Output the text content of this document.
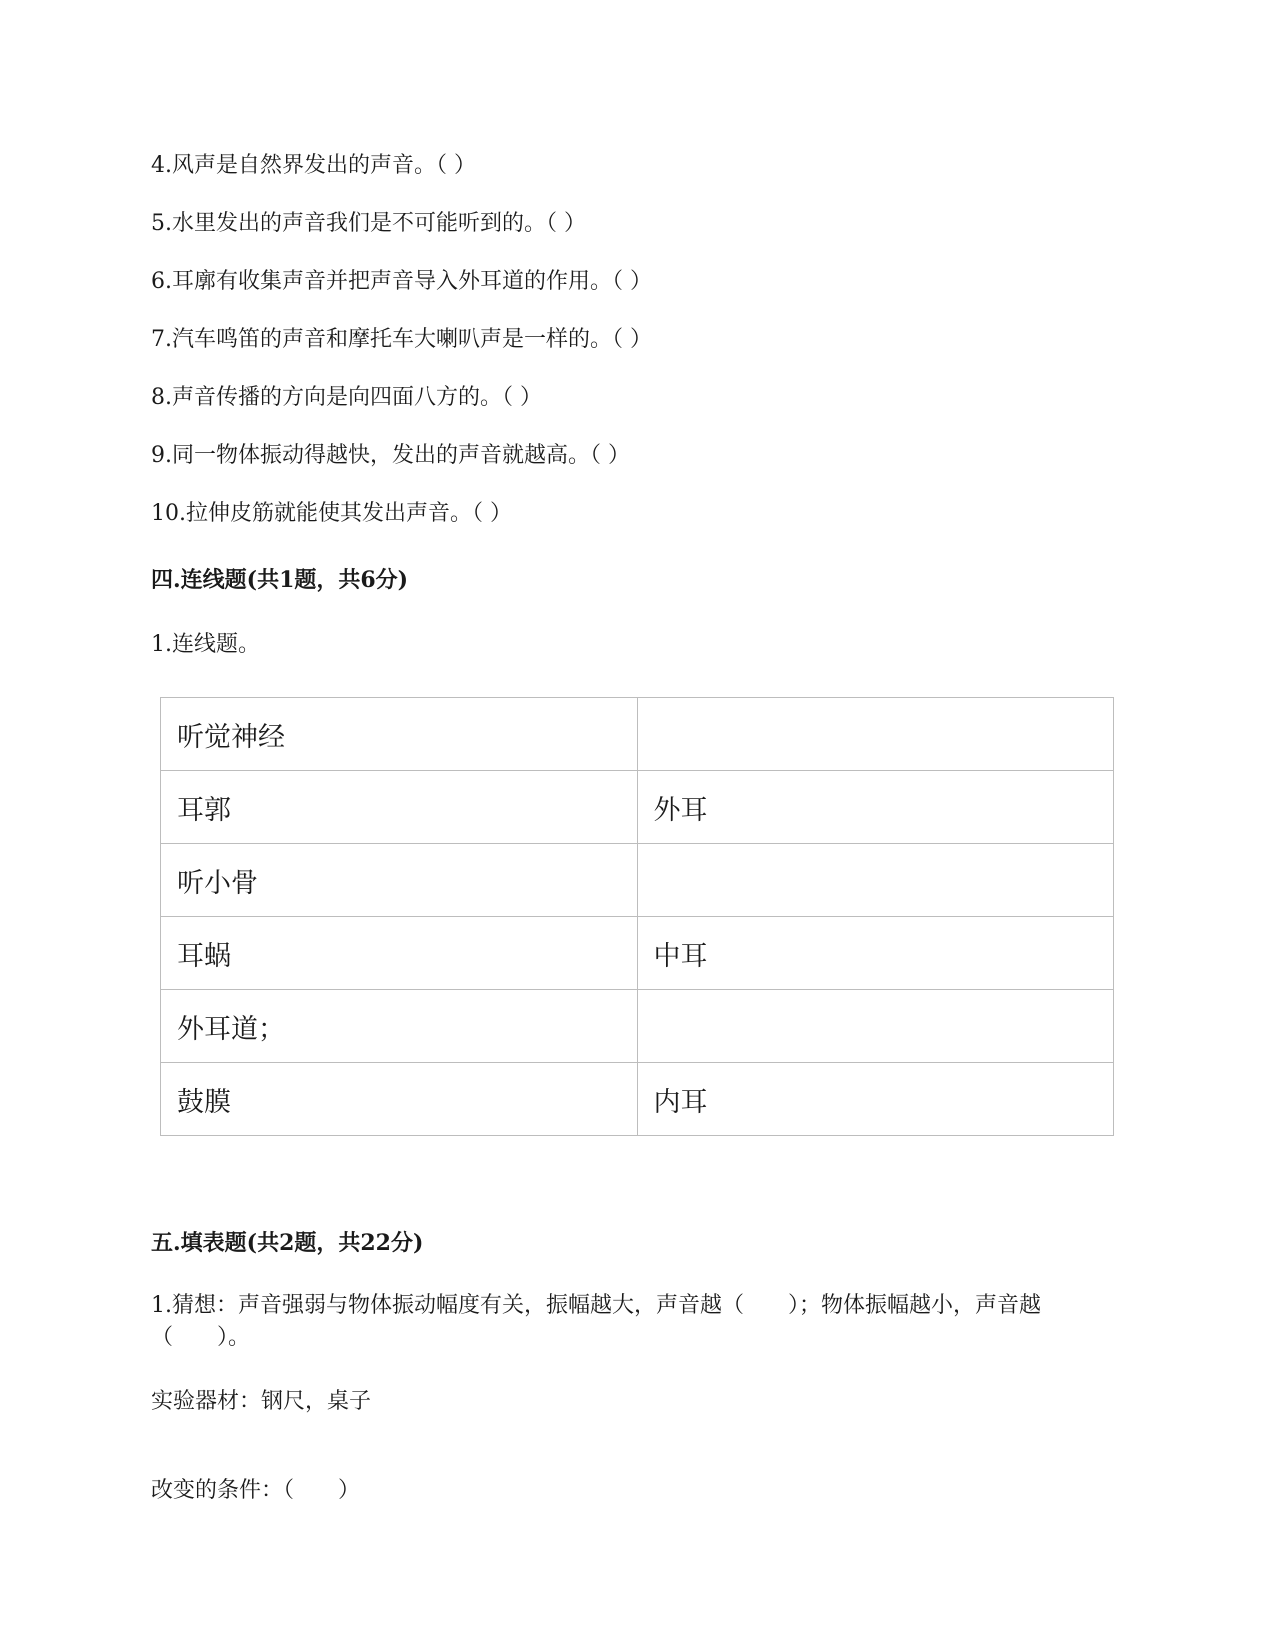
4.风声是自然界发出的声音。（ ）
5.水里发出的声音我们是不可能听到的。（ ）
6.耳廓有收集声音并把声音导入外耳道的作用。（ ）
7.汽车鸣笛的声音和摩托车大喇叭声是一样的。（ ）
8.声音传播的方向是向四面八方的。（ ）
9.同一物体振动得越快，发出的声音就越高。（ ）
10.拉伸皮筋就能使其发出声音。（ ）
四.连线题(共1题，共6分)
1.连线题。
听觉神经	
耳郭	外耳
听小骨	
耳蜗	中耳
外耳道；	
鼓膜	内耳
五.填表题(共2题，共22分)
1.猜想：声音强弱与物体振动幅度有关，振幅越大，声音越（　　）；物体振幅越小，声音越（　　）。
实验器材：钢尺，桌子
改变的条件：（　　）
